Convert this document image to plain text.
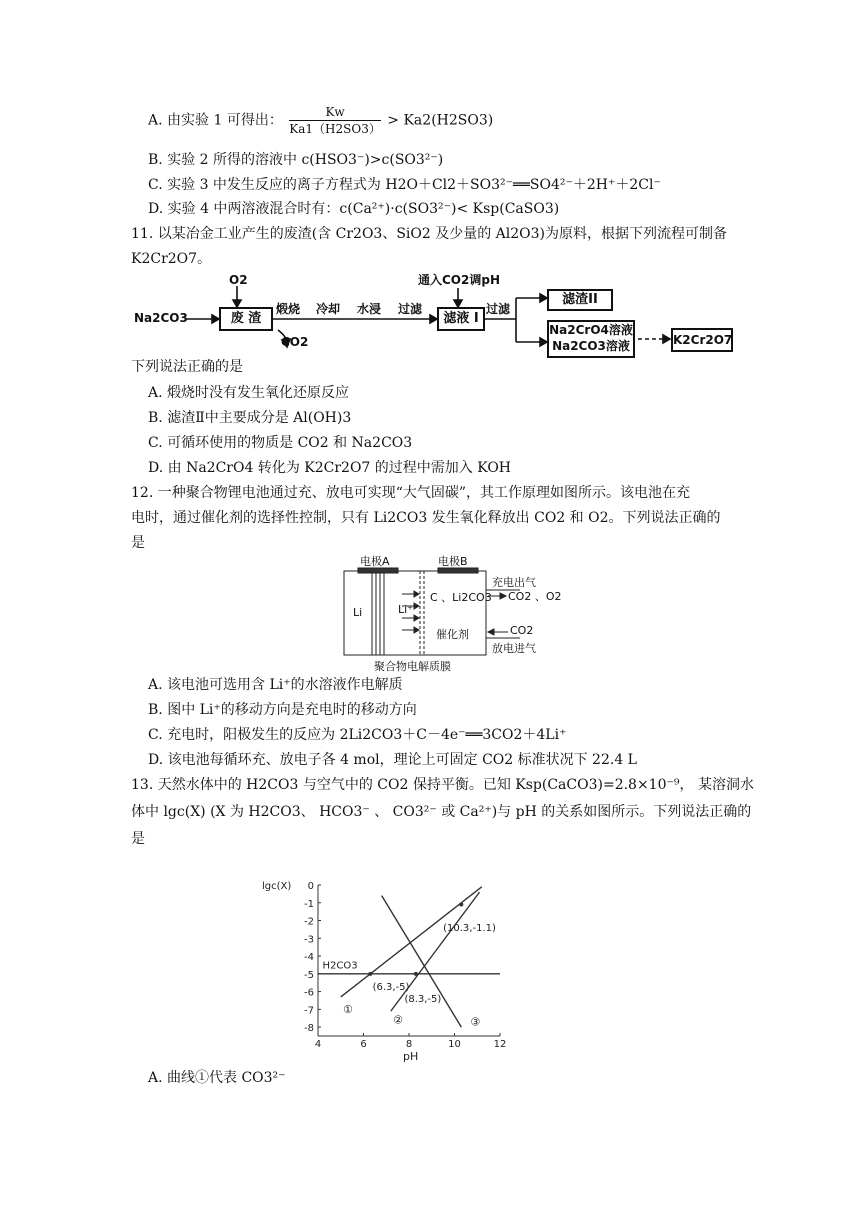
A. 由实验 1 可得出： $\frac{Kw}{Ka1(H2SO3)} > Ka2(H2SO3)$
B. 实验 2 所得的溶液中 c(HSO3⁻)>c(SO3²⁻)
C. 实验 3 中发生反应的离子方程式为 H2O＋Cl2＋SO3²⁻══SO4²⁻＋2H⁺＋2Cl⁻
D. 实验 4 中两溶液混合时有：c(Ca²⁺)·c(SO3²⁻)< Ksp(CaSO3)
11. 以某冶金工业产生的废渣(含 Cr2O3、SiO2 及少量的 Al2O3)为原料，根据下列流程可制备
K2Cr2O7。
Na2CO3
O2
CO2
废 渣
煅烧 冷却 水浸 过滤
通入CO2调pH
滤液 I
过滤
滤渣II
Na2CrO4溶液
Na2CO3溶液	K2Cr2O7
下列说法正确的是
A. 煅烧时没有发生氧化还原反应
B. 滤渣Ⅱ中主要成分是 Al(OH)3
C. 可循环使用的物质是 CO2 和 Na2CO3
D. 由 Na2CrO4 转化为 K2Cr2O7 的过程中需加入 KOH
12. 一种聚合物锂电池通过充、放电可实现“大气固碳”，其工作原理如图所示。该电池在充
电时，通过催化剂的选择性控制，只有 Li2CO3 发生氧化释放出 CO2 和 O2。下列说法正确的
是
电极A	电极B
Li	Li⁺
C 、Li2CO3
催化剂
充电出气
CO2 、O2
CO2
放电进气
聚合物电解质膜
A. 该电池可选用含 Li⁺的水溶液作电解质
B. 图中 Li⁺的移动方向是充电时的移动方向
C. 充电时，阳极发生的反应为 2Li2CO3＋C－4e⁻══3CO2＋4Li⁺
D. 该电池每循环充、放电子各 4 mol，理论上可固定 CO2 标准状况下 22.4 L
13. 天然水体中的 H2CO3 与空气中的 CO2 保持平衡。已知 Ksp(CaCO3)=2.8×10⁻⁹， 某溶洞水
体中 lgc(X) (X 为 H2CO3、 HCO3⁻ 、 CO3²⁻ 或 Ca²⁺)与 pH 的关系如图所示。下列说法正确的
是
0
-1
-2
-3
-4
-5
-6
-7
-8
4	6	8	10	12
lgc(X)
pH
H2CO3
①
②	③
(6.3,-5)
(8.3,-5)
(10.3,-1.1)
A. 曲线①代表 CO3²⁻
